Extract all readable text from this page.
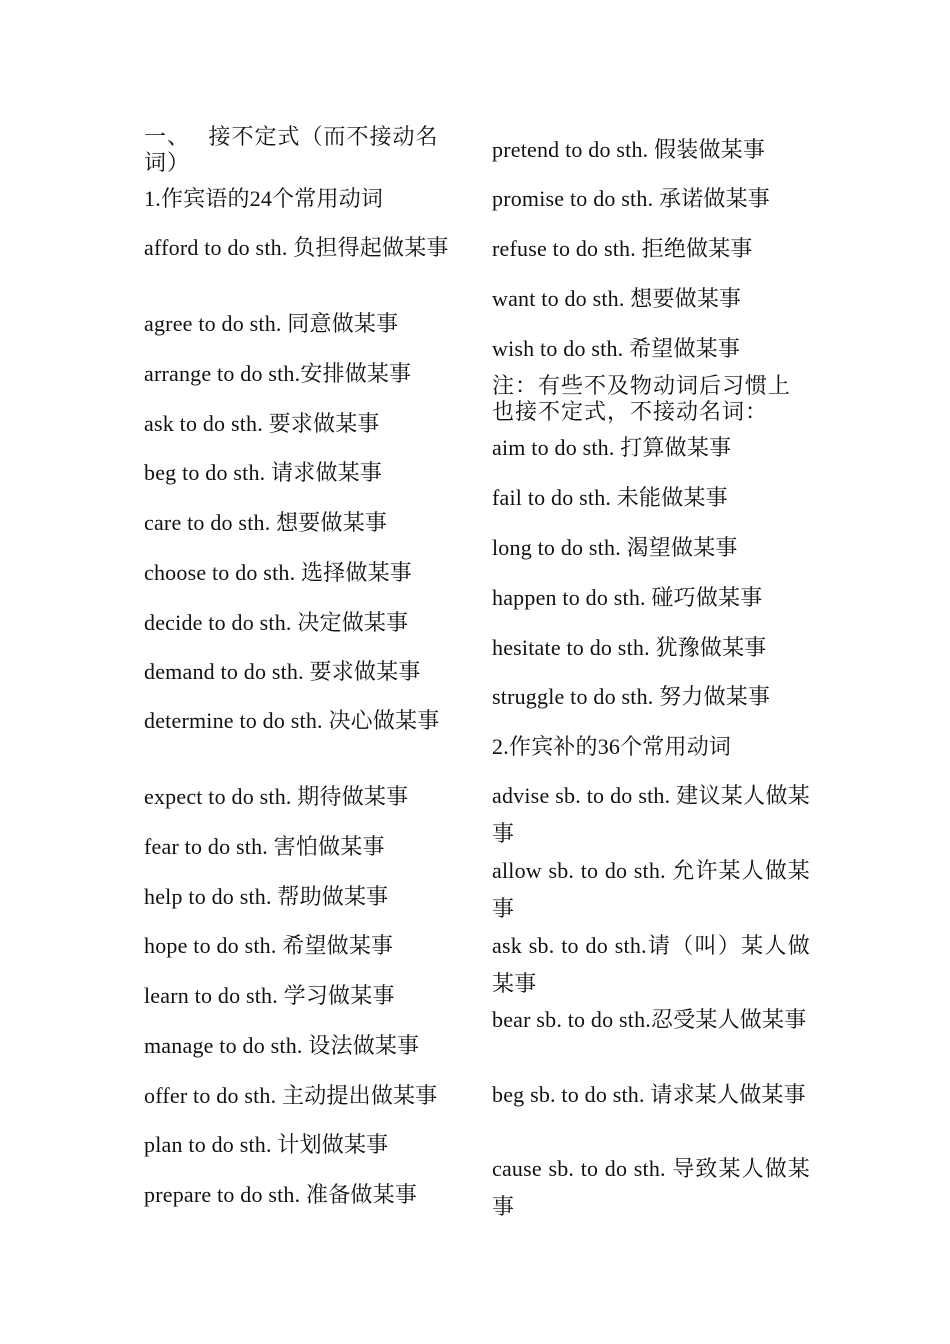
一、　 接不定式（而不接动名词）
1.作宾语的24个常用动词
afford to do sth. 负担得起做某事
agree to do sth. 同意做某事
arrange to do sth.安排做某事
ask to do sth. 要求做某事
beg to do sth. 请求做某事
care to do sth. 想要做某事
choose to do sth. 选择做某事
decide to do sth. 决定做某事
demand to do sth. 要求做某事
determine to do sth. 决心做某事
expect to do sth. 期待做某事
fear to do sth. 害怕做某事
help to do sth. 帮助做某事
hope to do sth. 希望做某事
learn to do sth. 学习做某事
manage to do sth. 设法做某事
offer to do sth. 主动提出做某事
plan to do sth. 计划做某事
prepare to do sth. 准备做某事
pretend to do sth. 假装做某事
promise to do sth. 承诺做某事
refuse to do sth. 拒绝做某事
want to do sth. 想要做某事
wish to do sth. 希望做某事
注：有些不及物动词后习惯上也接不定式，不接动名词：
aim to do sth. 打算做某事
fail to do sth. 未能做某事
long to do sth. 渴望做某事
happen to do sth. 碰巧做某事
hesitate to do sth. 犹豫做某事
struggle to do sth. 努力做某事
2.作宾补的36个常用动词
advise sb. to do sth. 建议某人做某事
allow sb. to do sth. 允许某人做某事
ask sb. to do sth.请（叫）某人做某事
bear sb. to do sth.忍受某人做某事
beg sb. to do sth. 请求某人做某事
cause sb. to do sth. 导致某人做某事
